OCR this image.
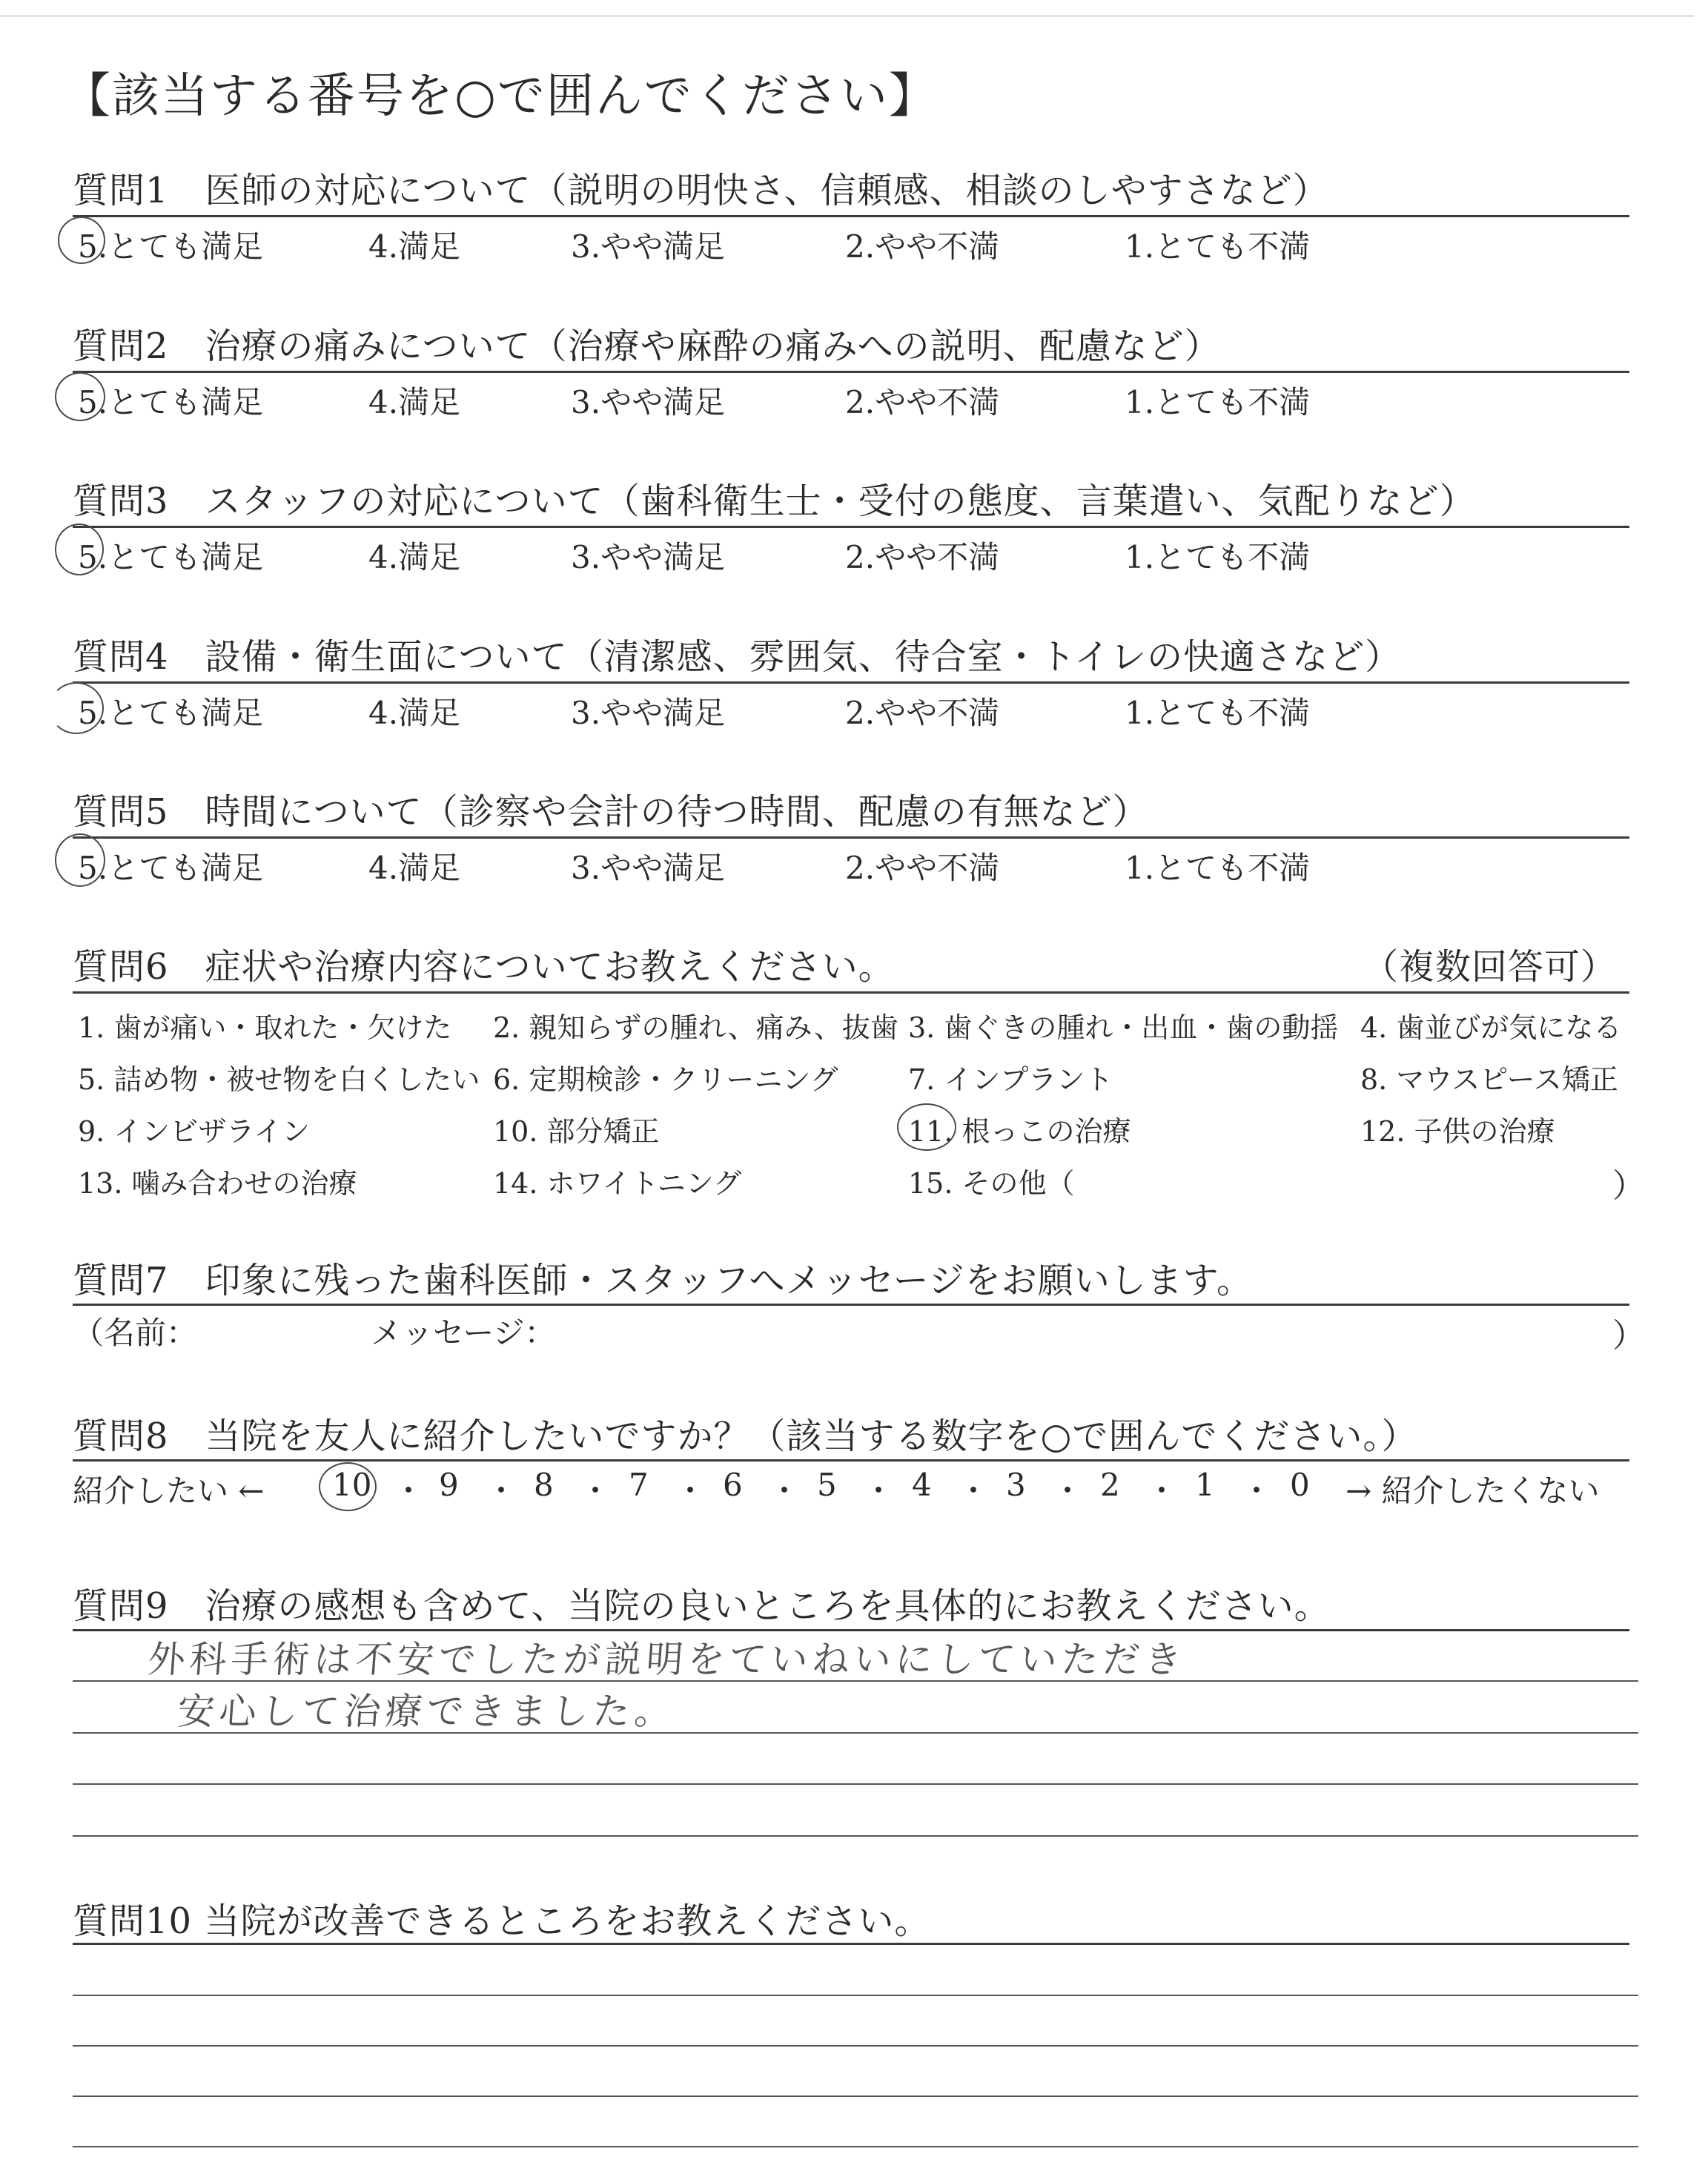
【該当する番号を○で囲んでください】
質問1　医師の対応について（説明の明快さ、信頼感、相談のしやすさなど）
5.とても満足	4.満足	3.やや満足	2.やや不満	1.とても不満
質問2　治療の痛みについて（治療や麻酔の痛みへの説明、配慮など）
5.とても満足	4.満足	3.やや満足	2.やや不満	1.とても不満
質問3　スタッフの対応について（歯科衛生士・受付の態度、言葉遣い、気配りなど）
5.とても満足	4.満足	3.やや満足	2.やや不満	1.とても不満
質問4　設備・衛生面について（清潔感、雰囲気、待合室・トイレの快適さなど）
5.とても満足	4.満足	3.やや満足	2.やや不満	1.とても不満
質問5　時間について（診察や会計の待つ時間、配慮の有無など）
5.とても満足	4.満足	3.やや満足	2.やや不満	1.とても不満
質問6　症状や治療内容についてお教えください。	（複数回答可）
1. 歯が痛い・取れた・欠けた 2. 親知らずの腫れ、痛み、抜歯 3. 歯ぐきの腫れ・出血・歯の動揺 4. 歯並びが気になる
5. 詰め物・被せ物を白くしたい 6. 定期検診・クリーニング 7. インプラント	8. マウスピース矯正
9. インビザライン	10. 部分矯正	11. 根っこの治療	12. 子供の治療
13. 噛み合わせの治療	14. ホワイトニング	15. その他（	）
質問7　印象に残った歯科医師・スタッフへメッセージをお願いします。
（名前：	メッセージ：	）
質問8　当院を友人に紹介したいですか？（該当する数字を○で囲んでください。）
紹介したい ←	→ 紹介したくない
10 ・ 9 ・ 8 ・ 7 ・ 6 ・ 5 ・ 4 ・ 3 ・ 2 ・ 1 ・ 0
質問9　治療の感想も含めて、当院の良いところを具体的にお教えください。
外科手術は不安でしたが説明をていねいにしていただき
安心して治療できました。
質問10 当院が改善できるところをお教えください。
